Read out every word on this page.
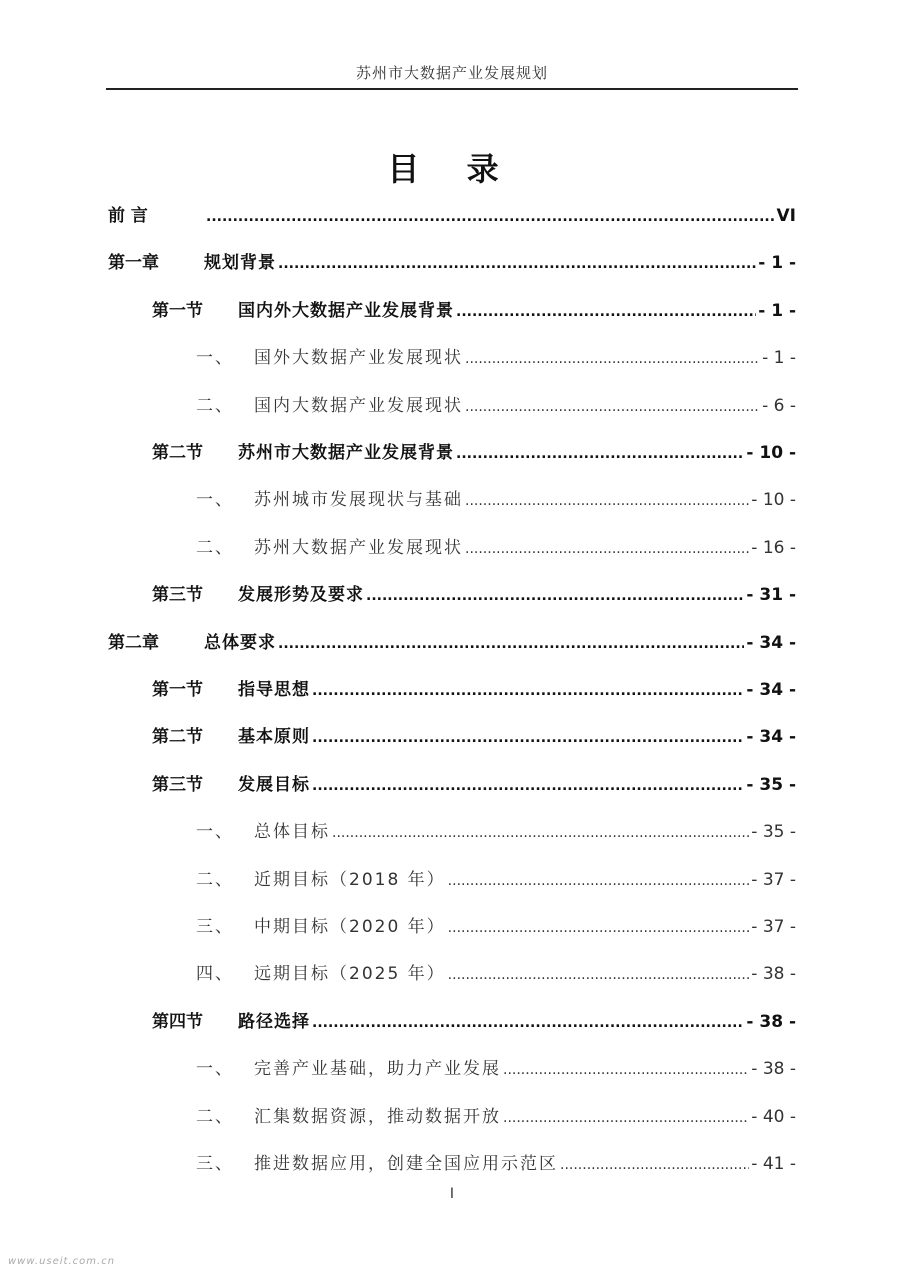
苏州市大数据产业发展规划
目 录
前 言 .....	VI
第一章	规划背景 .....	- 1 -
第一节	国内外大数据产业发展背景 .....	- 1 -
一、	国外大数据产业发展现状 .....	- 1 -
二、	国内大数据产业发展现状 .....	- 6 -
第二节	苏州市大数据产业发展背景 .....	- 10 -
一、	苏州城市发展现状与基础 .....	- 10 -
二、	苏州大数据产业发展现状 .....	- 16 -
第三节	发展形势及要求 .....	- 31 -
第二章	总体要求 .....	- 34 -
第一节	指导思想 .....	- 34 -
第二节	基本原则 .....	- 34 -
第三节	发展目标 .....	- 35 -
一、	总体目标 .....	- 35 -
二、	近期目标（2018 年） .....	- 37 -
三、	中期目标（2020 年） .....	- 37 -
四、	远期目标（2025 年） .....	- 38 -
第四节	路径选择 .....	- 38 -
一、	完善产业基础，助力产业发展 .....	- 38 -
二、	汇集数据资源，推动数据开放 .....	- 40 -
三、	推进数据应用，创建全国应用示范区 .....	- 41 -
I
www.useit.com.cn
